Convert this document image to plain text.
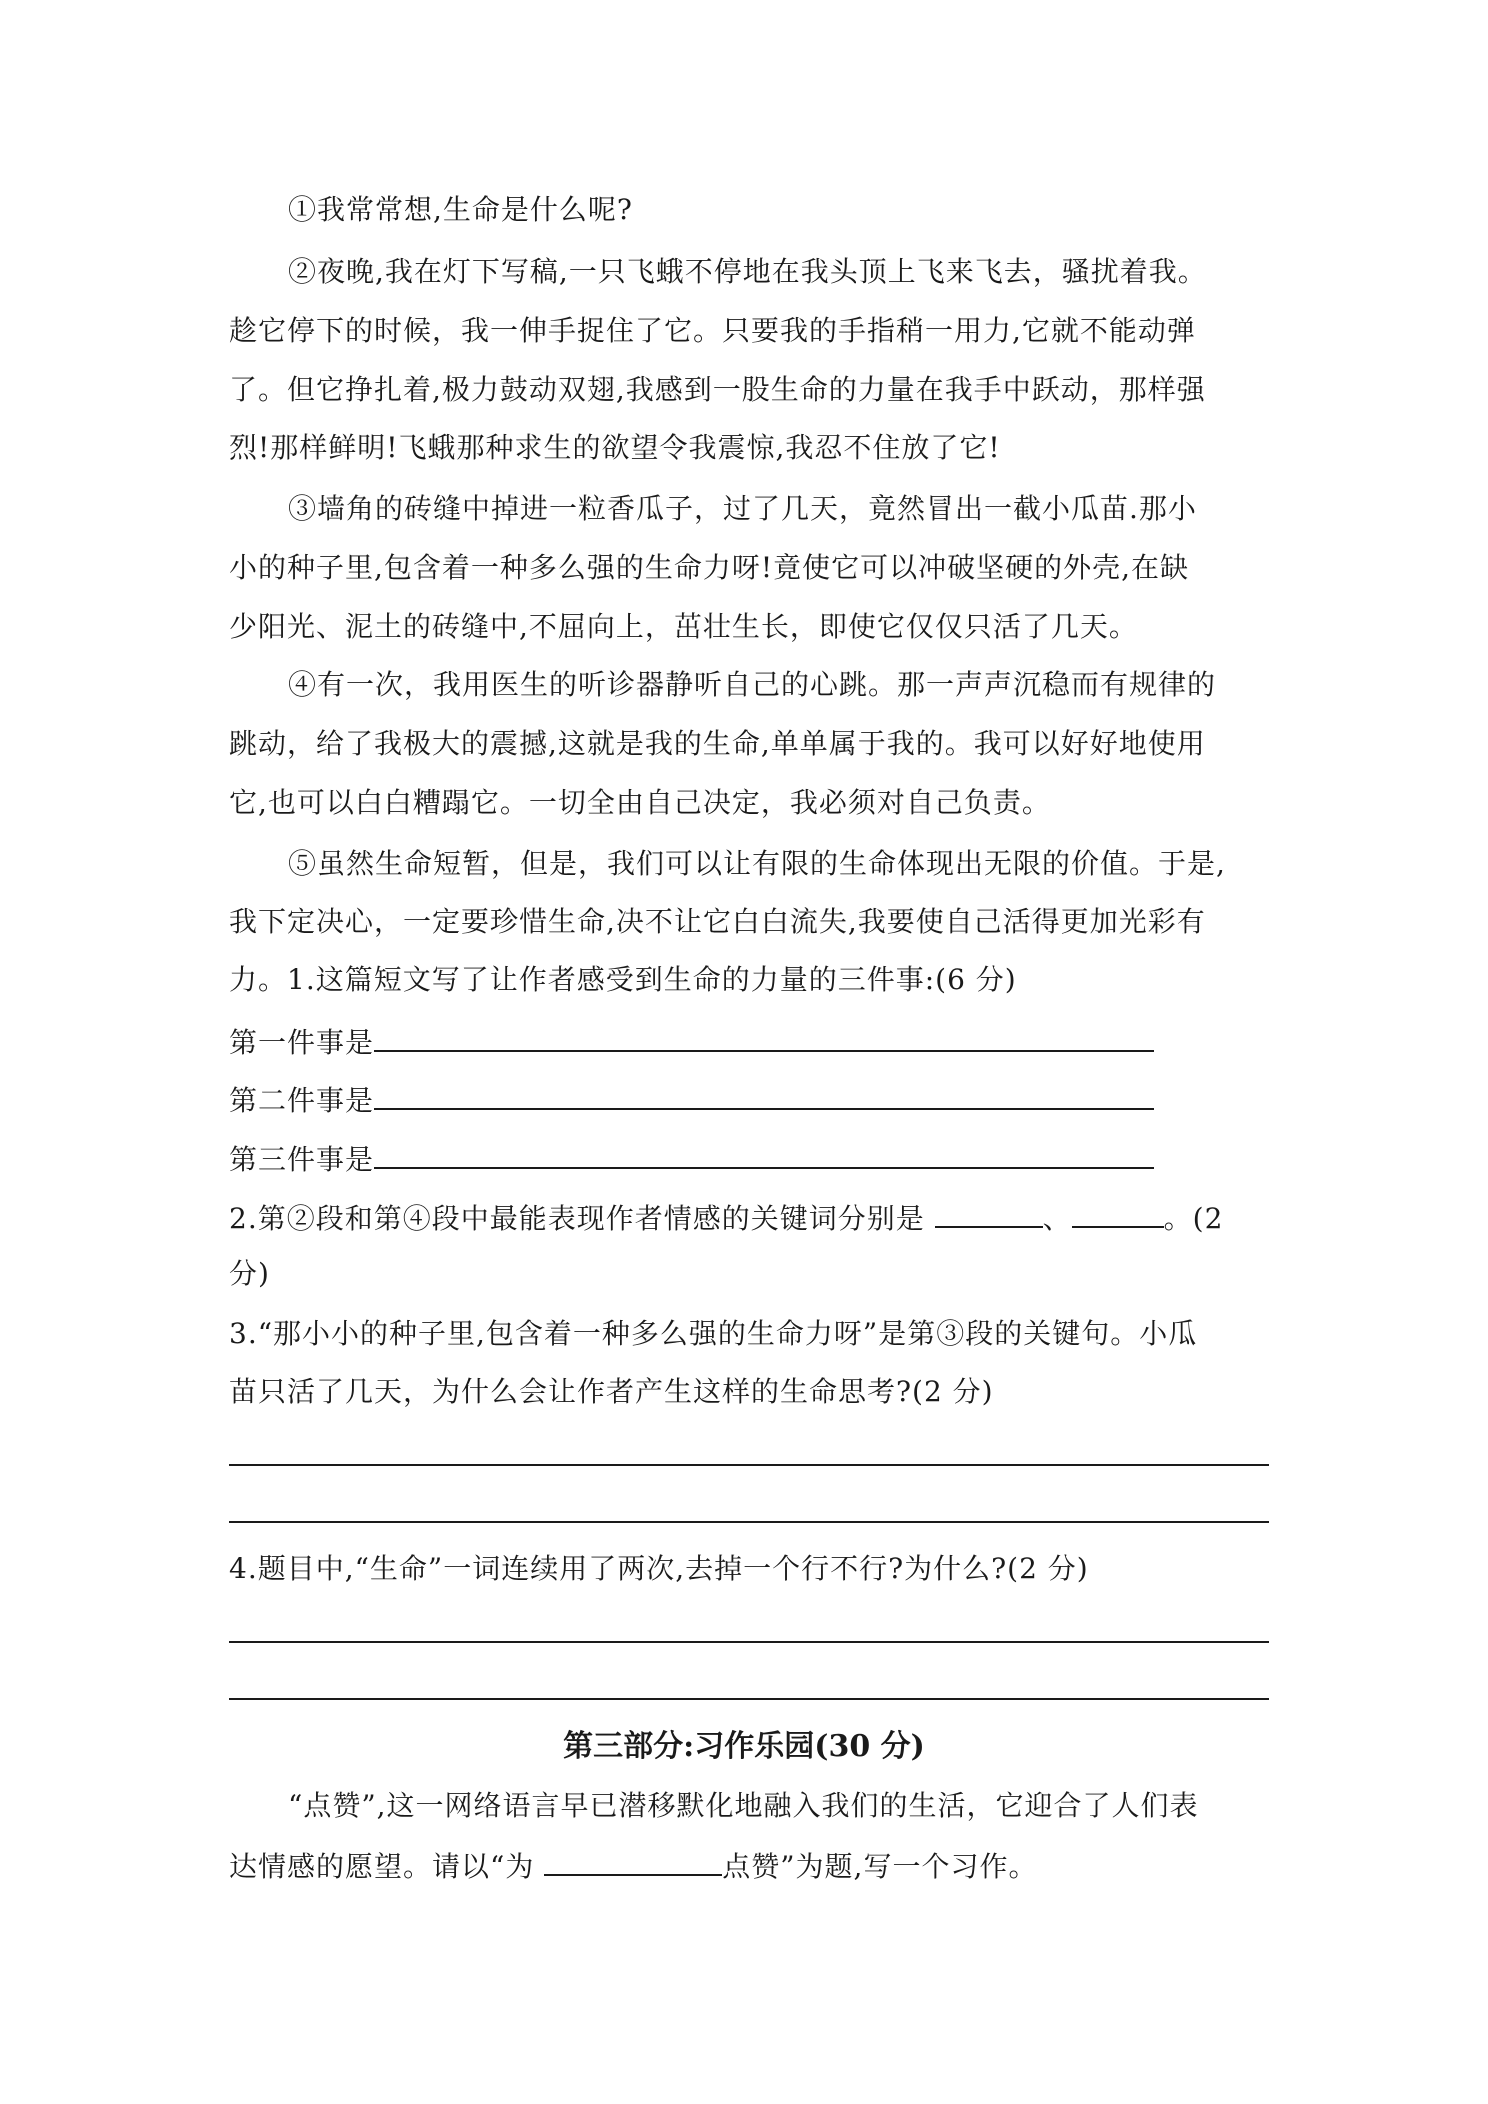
①我常常想,生命是什么呢?
②夜晚,我在灯下写稿,一只飞蛾不停地在我头顶上飞来飞去，骚扰着我。
趁它停下的时候，我一伸手捉住了它。只要我的手指稍一用力,它就不能动弹
了。但它挣扎着,极力鼓动双翅,我感到一股生命的力量在我手中跃动，那样强
烈!那样鲜明!飞蛾那种求生的欲望令我震惊,我忍不住放了它!
③墙角的砖缝中掉进一粒香瓜子，过了几天，竟然冒出一截小瓜苗.那小
小的种子里,包含着一种多么强的生命力呀!竟使它可以冲破坚硬的外壳,在缺
少阳光、泥土的砖缝中,不屈向上，茁壮生长，即使它仅仅只活了几天。
④有一次，我用医生的听诊器静听自己的心跳。那一声声沉稳而有规律的
跳动，给了我极大的震撼,这就是我的生命,单单属于我的。我可以好好地使用
它,也可以白白糟蹋它。一切全由自己决定，我必须对自己负责。
⑤虽然生命短暂，但是，我们可以让有限的生命体现出无限的价值。于是,
我下定决心，一定要珍惜生命,决不让它白白流失,我要使自己活得更加光彩有
力。1.这篇短文写了让作者感受到生命的力量的三件事:(6 分)
第一件事是
第二件事是
第三件事是
2.第②段和第④段中最能表现作者情感的关键词分别是	、	。(2
分)
3.“那小小的种子里,包含着一种多么强的生命力呀”是第③段的关键句。小瓜
苗只活了几天，为什么会让作者产生这样的生命思考?(2 分)
4.题目中,“生命”一词连续用了两次,去掉一个行不行?为什么?(2 分)
第三部分:习作乐园(30 分)
“点赞”,这一网络语言早已潜移默化地融入我们的生活，它迎合了人们表
达情感的愿望。请以“为	点赞”为题,写一个习作。
